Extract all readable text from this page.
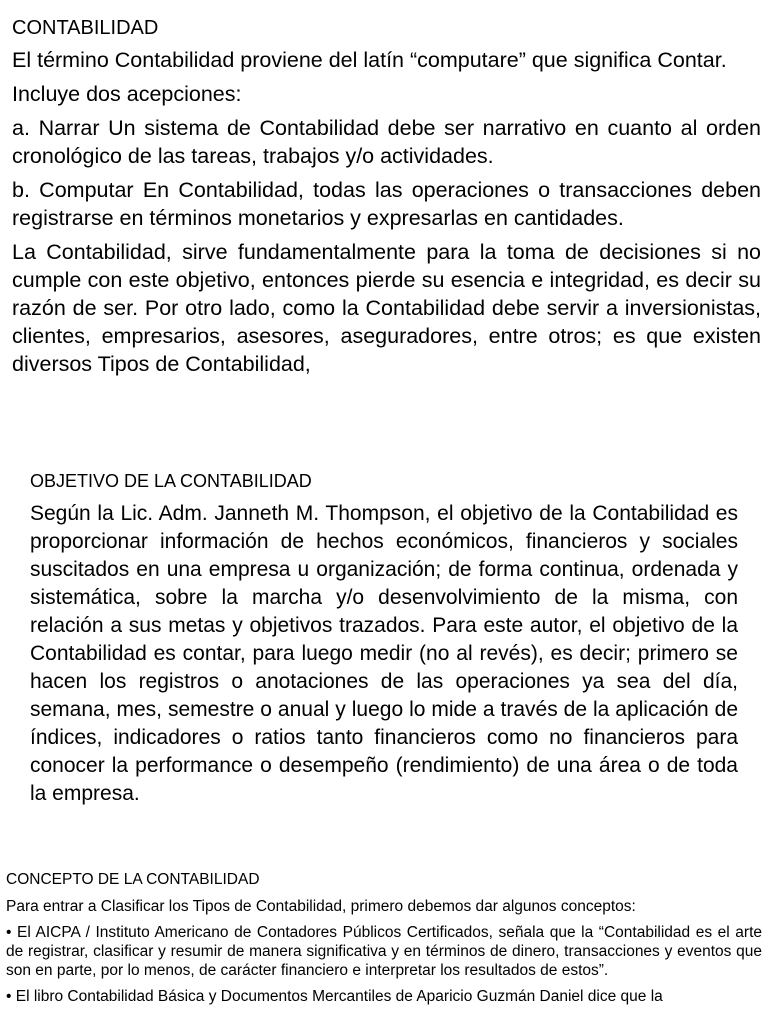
CONTABILIDAD

El término Contabilidad proviene del latín “computare” que significa Contar.

Incluye dos acepciones:

a. Narrar Un sistema de Contabilidad debe ser narrativo en cuanto al orden cronológico de las tareas, trabajos y/o actividades.

b. Computar En Contabilidad, todas las operaciones o transacciones deben registrarse en términos monetarios y expresarlas en cantidades.

La Contabilidad, sirve fundamentalmente para la toma de decisiones si no cumple con este objetivo, entonces pierde su esencia e integridad, es decir su razón de ser. Por otro lado, como la Contabilidad debe servir a inversionistas, clientes, empresarios, asesores, aseguradores, entre otros; es que existen diversos Tipos de Contabilidad,

OBJETIVO DE LA CONTABILIDAD

Según la Lic. Adm. Janneth M. Thompson, el objetivo de la Contabilidad es proporcionar información de hechos económicos, financieros y sociales suscitados en una empresa u organización; de forma continua, ordenada y sistemática, sobre la marcha y/o desenvolvimiento de la misma, con relación a sus metas y objetivos trazados. Para este autor, el objetivo de la Contabilidad es contar, para luego medir (no al revés), es decir; primero se hacen los registros o anotaciones de las operaciones ya sea del día, semana, mes, semestre o anual y luego lo mide a través de la aplicación de índices, indicadores o ratios tanto financieros como no financieros para conocer la performance o desempeño (rendimiento) de una área o de toda la empresa.

CONCEPTO DE LA CONTABILIDAD

Para entrar a Clasificar los Tipos de Contabilidad, primero debemos dar algunos conceptos:

• El AICPA / Instituto Americano de Contadores Públicos Certificados, señala que la “Contabilidad es el arte de registrar, clasificar y resumir de manera significativa y en términos de dinero, transacciones y eventos que son en parte, por lo menos, de carácter financiero e interpretar los resultados de estos”.

• El libro Contabilidad Básica y Documentos Mercantiles de Aparicio Guzmán Daniel dice que la
